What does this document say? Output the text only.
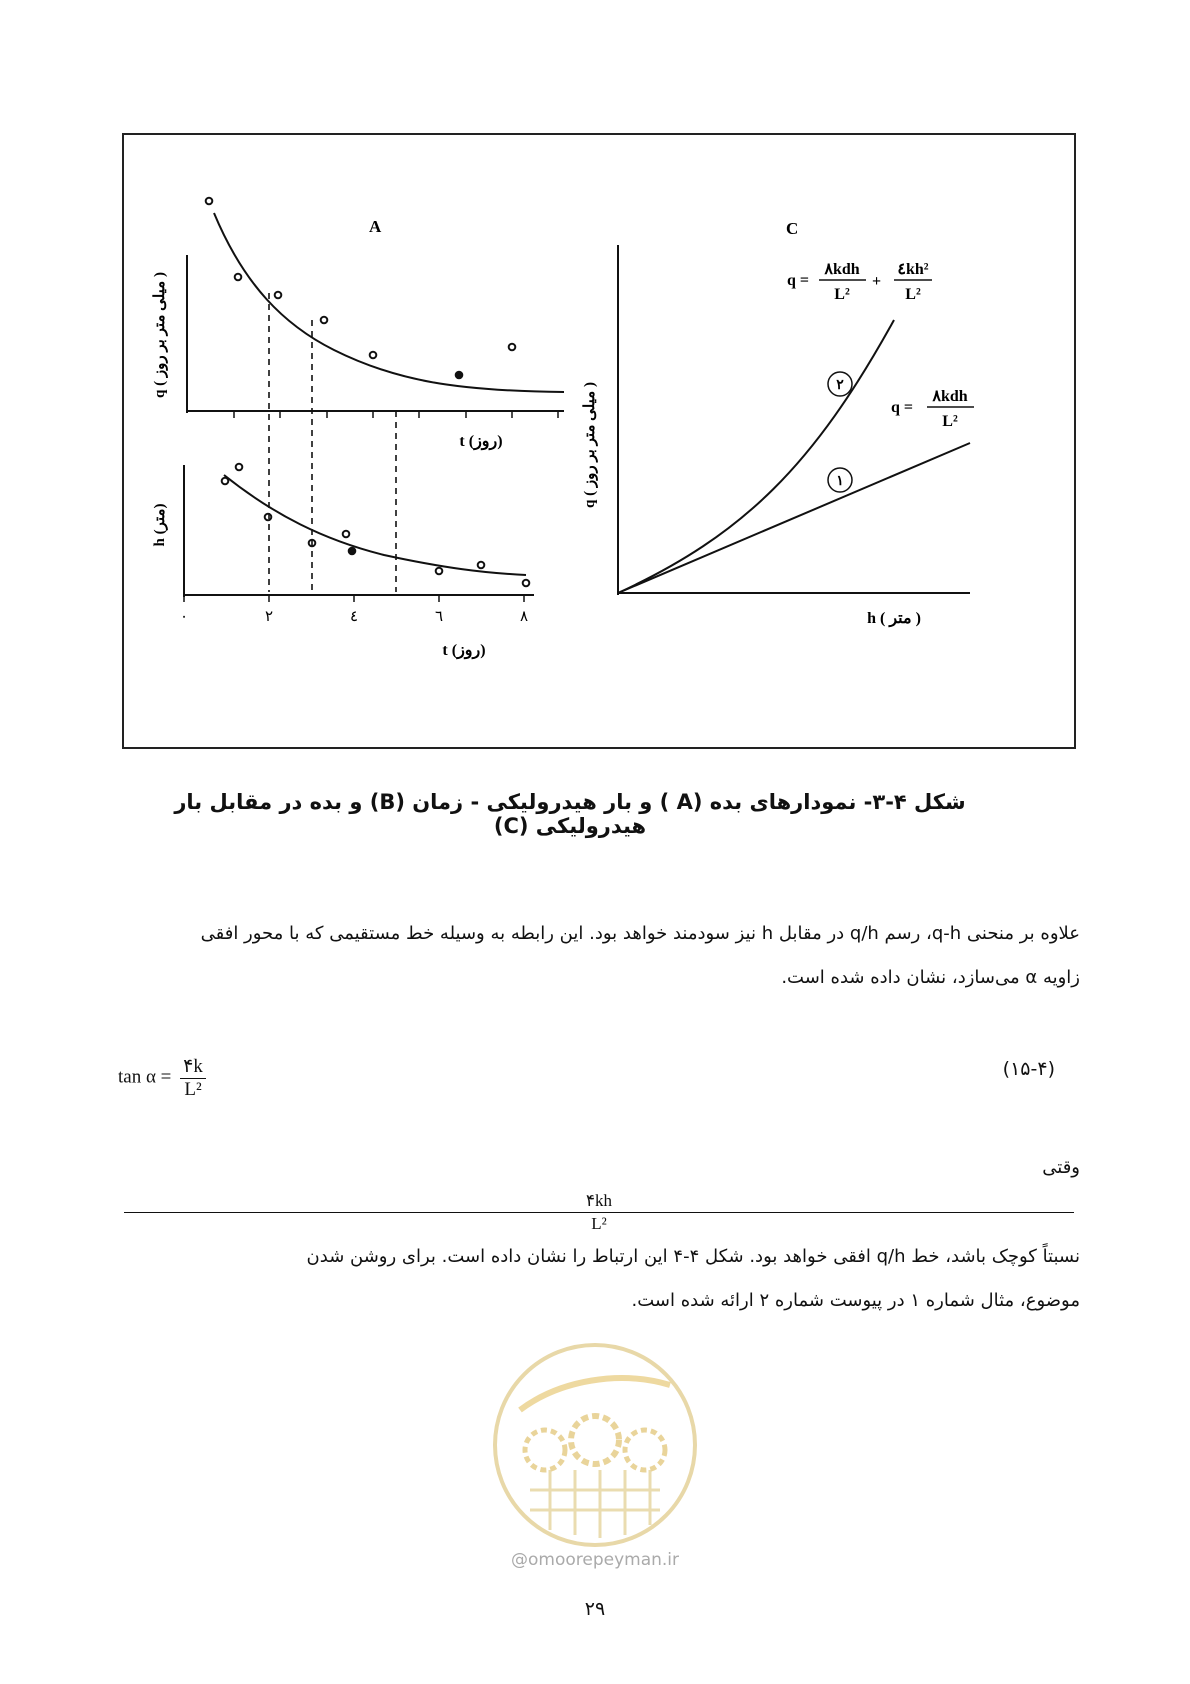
A
q ( میلی متر بر روز )
t (روز)
h (متر)
۰	۲	٤	٦	۸
t (روز)
۲
۱
C
q ( میلی متر بر روز )
h ( متر )
q =
۸kdh
L²
+
٤kh²
L²
q =
۸kdh
L²
شکل ۴-۳- نمودارهای بده (A ) و بار هیدرولیکی - زمان (B) و بده در مقابل بار هیدرولیکی (C)
علاوه بر منحنی q-h، رسم q/h در مقابل h نیز سودمند خواهد بود. این رابطه به وسیله خط مستقیمی که با محور افقی
زاویه α می‌سازد، نشان داده شده است.
$\tan \alpha = \frac{۴k}{\text{L²}}$	(۱۵-۴)
وقتی
۴kh
L²
نسبتاً کوچک باشد، خط q/h افقی خواهد بود. شکل ۴-۴ این ارتباط را نشان داده است. برای روشن شدن
موضوع، مثال شماره ۱ در پیوست شماره ۲ ارائه شده است.
@omoorepeyman.ir
۲۹
